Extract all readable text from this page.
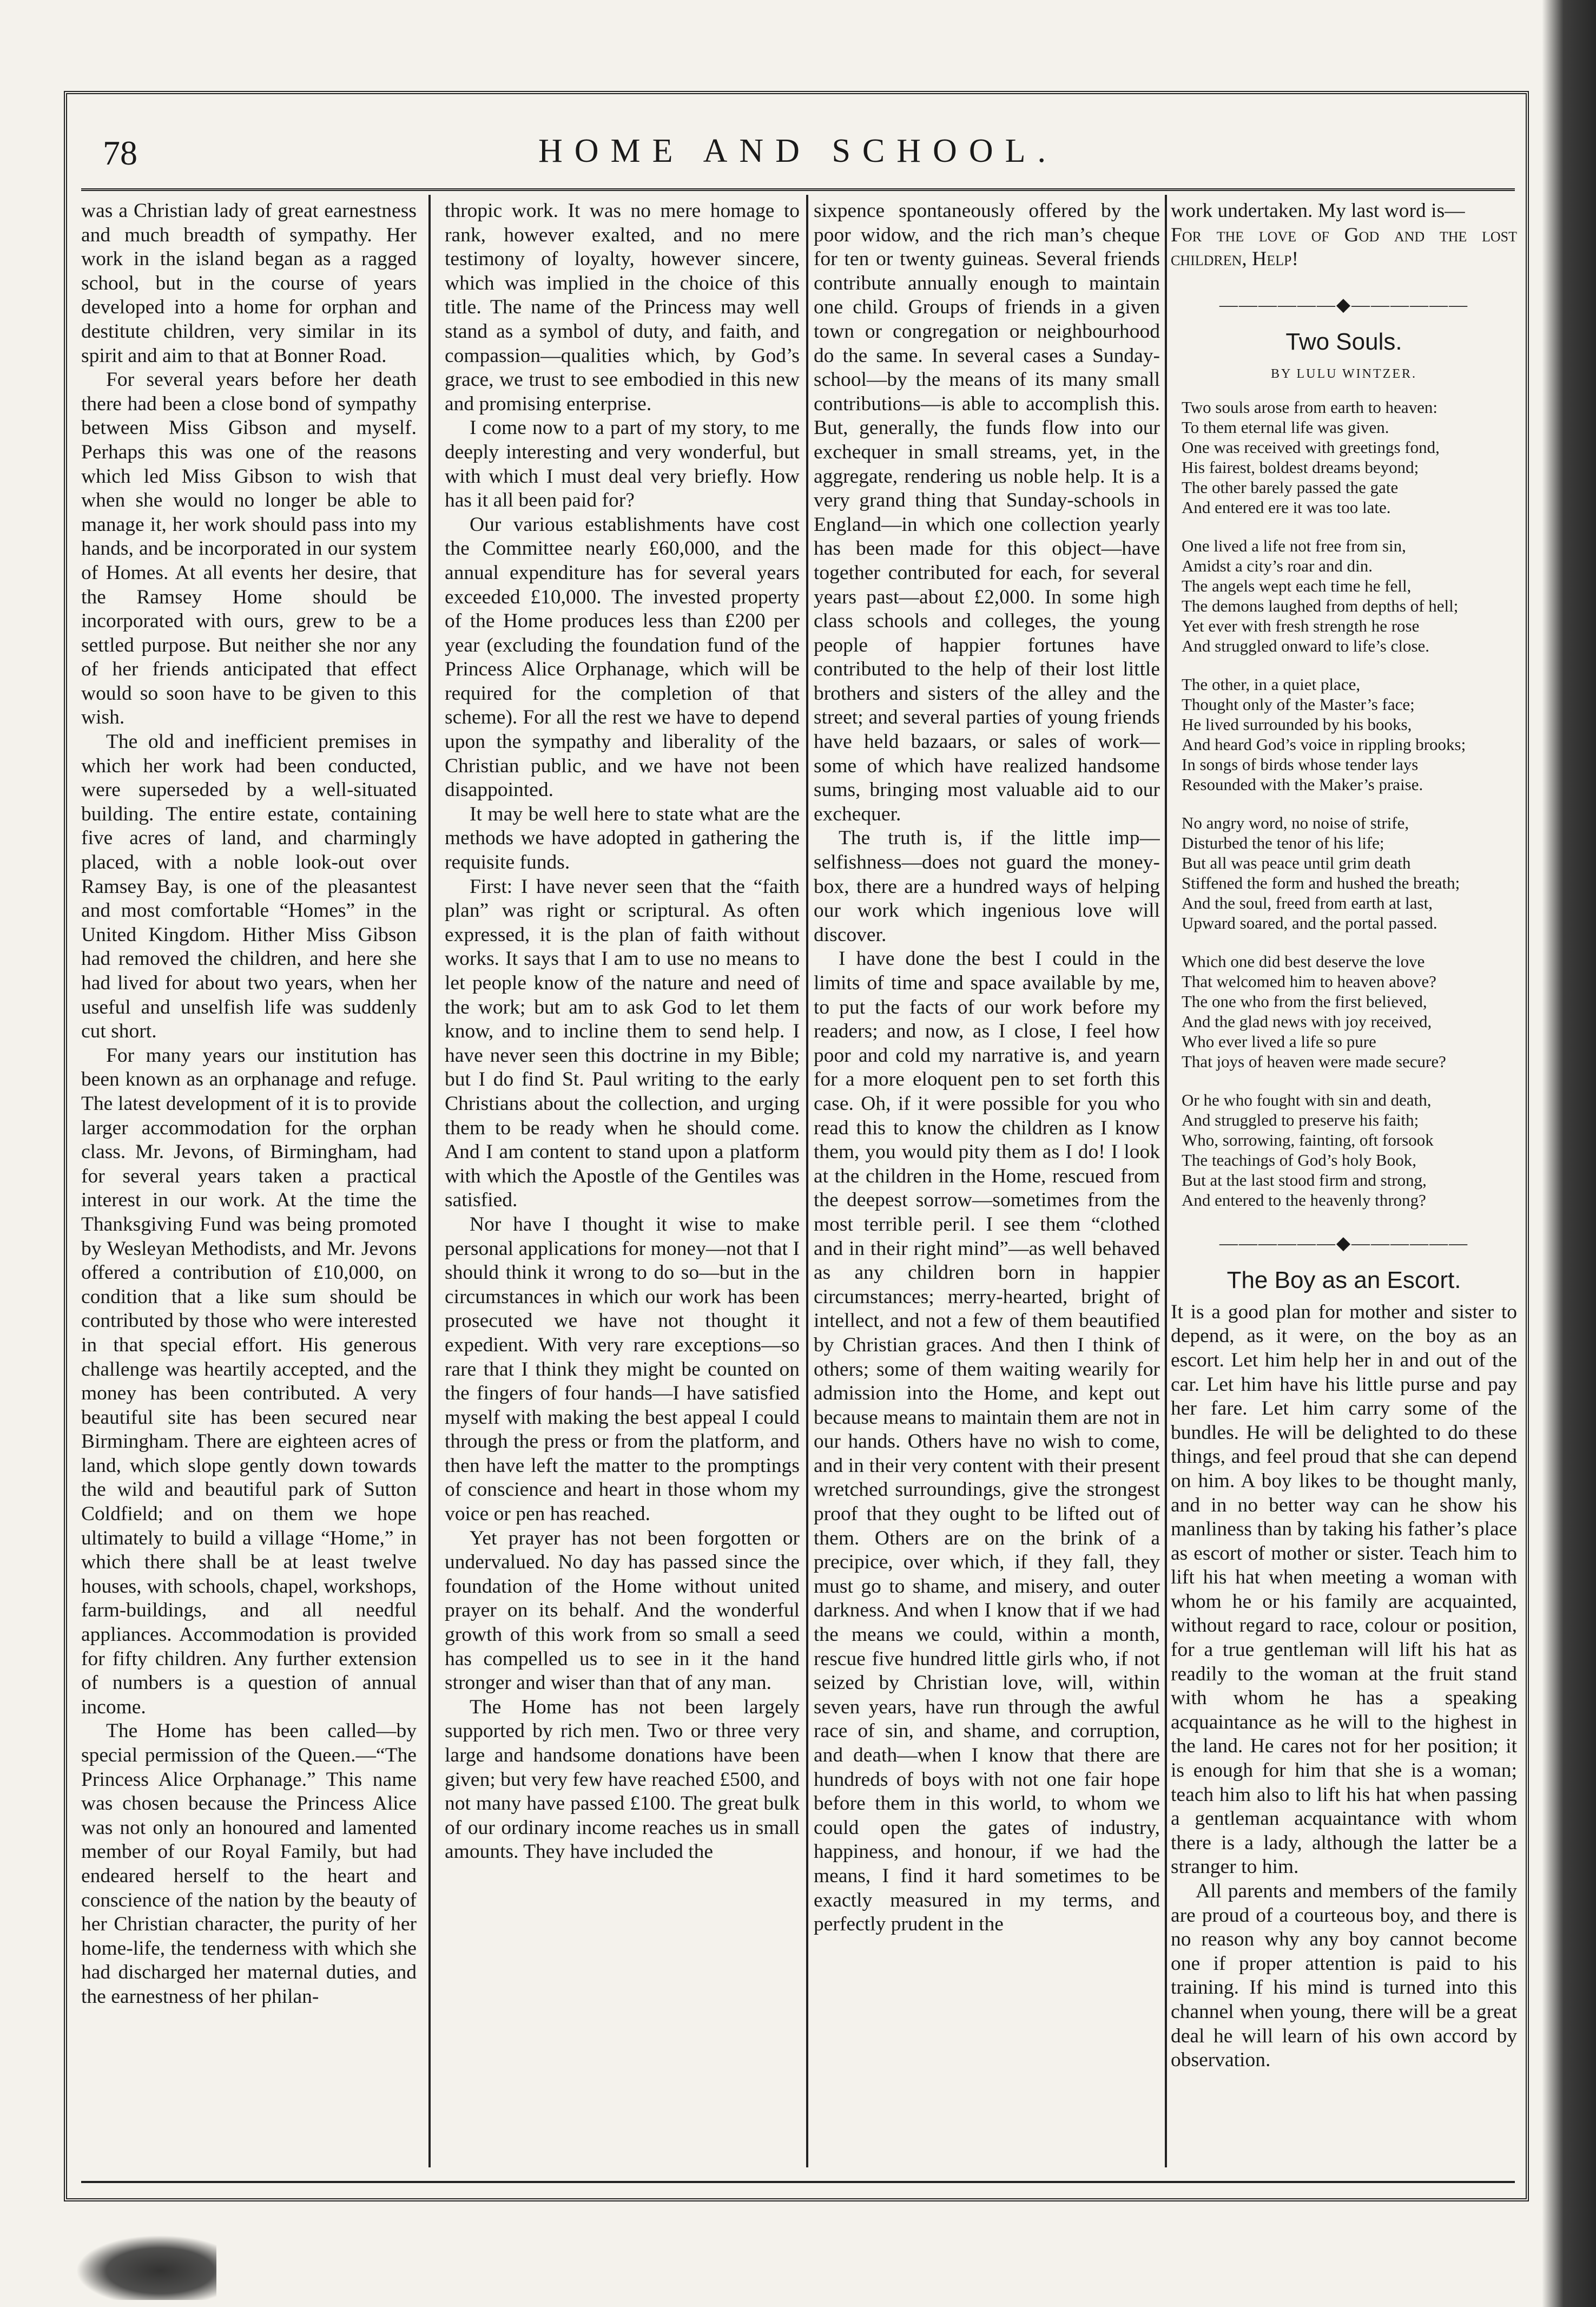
78	HOME AND SCHOOL.

was a Christian lady of great earnestness and much breadth of sympathy. Her work in the island began as a ragged school, but in the course of years developed into a home for orphan and destitute children, very similar in its spirit and aim to that at Bonner Road.

For several years before her death there had been a close bond of sympathy between Miss Gibson and myself. Perhaps this was one of the reasons which led Miss Gibson to wish that when she would no longer be able to manage it, her work should pass into my hands, and be incorporated in our system of Homes. At all events her desire, that the Ramsey Home should be incorporated with ours, grew to be a settled purpose. But neither she nor any of her friends anticipated that effect would so soon have to be given to this wish.

The old and inefficient premises in which her work had been conducted, were superseded by a well-situated building. The entire estate, containing five acres of land, and charmingly placed, with a noble look-out over Ramsey Bay, is one of the pleasantest and most comfortable “Homes” in the United Kingdom. Hither Miss Gibson had removed the children, and here she had lived for about two years, when her useful and unselfish life was suddenly cut short.

For many years our institution has been known as an orphanage and refuge. The latest development of it is to provide larger accommodation for the orphan class. Mr. Jevons, of Birmingham, had for several years taken a practical interest in our work. At the time the Thanksgiving Fund was being promoted by Wesleyan Methodists, and Mr. Jevons offered a contribution of £10,000, on condition that a like sum should be contributed by those who were interested in that special effort. His generous challenge was heartily accepted, and the money has been contributed. A very beautiful site has been secured near Birmingham. There are eighteen acres of land, which slope gently down towards the wild and beautiful park of Sutton Coldfield; and on them we hope ultimately to build a village “Home,” in which there shall be at least twelve houses, with schools, chapel, workshops, farm-buildings, and all needful appliances. Accommodation is provided for fifty children. Any further extension of numbers is a question of annual income.

The Home has been called—by special permission of the Queen.—“The Princess Alice Orphanage.” This name was chosen because the Princess Alice was not only an honoured and lamented member of our Royal Family, but had endeared herself to the heart and conscience of the nation by the beauty of her Christian character, the purity of her home-life, the tenderness with which she had discharged her maternal duties, and the earnestness of her philan-

thropic work. It was no mere homage to rank, however exalted, and no mere testimony of loyalty, however sincere, which was implied in the choice of this title. The name of the Princess may well stand as a symbol of duty, and faith, and compassion—qualities which, by God’s grace, we trust to see embodied in this new and promising enterprise.

I come now to a part of my story, to me deeply interesting and very wonderful, but with which I must deal very briefly. How has it all been paid for?

Our various establishments have cost the Committee nearly £60,000, and the annual expenditure has for several years exceeded £10,000. The invested property of the Home produces less than £200 per year (excluding the foundation fund of the Princess Alice Orphanage, which will be required for the completion of that scheme). For all the rest we have to depend upon the sympathy and liberality of the Christian public, and we have not been disappointed.

It may be well here to state what are the methods we have adopted in gathering the requisite funds.

First: I have never seen that the “faith plan” was right or scriptural. As often expressed, it is the plan of faith without works. It says that I am to use no means to let people know of the nature and need of the work; but am to ask God to let them know, and to incline them to send help. I have never seen this doctrine in my Bible; but I do find St. Paul writing to the early Christians about the collection, and urging them to be ready when he should come. And I am content to stand upon a platform with which the Apostle of the Gentiles was satisfied.

Nor have I thought it wise to make personal applications for money—not that I should think it wrong to do so—but in the circumstances in which our work has been prosecuted we have not thought it expedient. With very rare exceptions—so rare that I think they might be counted on the fingers of four hands—I have satisfied myself with making the best appeal I could through the press or from the platform, and then have left the matter to the promptings of conscience and heart in those whom my voice or pen has reached.

Yet prayer has not been forgotten or undervalued. No day has passed since the foundation of the Home without united prayer on its behalf. And the wonderful growth of this work from so small a seed has compelled us to see in it the hand stronger and wiser than that of any man.

The Home has not been largely supported by rich men. Two or three very large and handsome donations have been given; but very few have reached £500, and not many have passed £100. The great bulk of our ordinary income reaches us in small amounts. They have included the

sixpence spontaneously offered by the poor widow, and the rich man’s cheque for ten or twenty guineas. Several friends contribute annually enough to maintain one child. Groups of friends in a given town or congregation or neighbourhood do the same. In several cases a Sunday-school—by the means of its many small contributions—is able to accomplish this. But, generally, the funds flow into our exchequer in small streams, yet, in the aggregate, rendering us noble help. It is a very grand thing that Sunday-schools in England—in which one collection yearly has been made for this object—have together contributed for each, for several years past—about £2,000. In some high class schools and colleges, the young people of happier fortunes have contributed to the help of their lost little brothers and sisters of the alley and the street; and several parties of young friends have held bazaars, or sales of work—some of which have realized handsome sums, bringing most valuable aid to our exchequer.

The truth is, if the little imp—selfishness—does not guard the money-box, there are a hundred ways of helping our work which ingenious love will discover.

I have done the best I could in the limits of time and space available by me, to put the facts of our work before my readers; and now, as I close, I feel how poor and cold my narrative is, and yearn for a more eloquent pen to set forth this case. Oh, if it were possible for you who read this to know the children as I know them, you would pity them as I do! I look at the children in the Home, rescued from the deepest sorrow—sometimes from the most terrible peril. I see them “clothed and in their right mind”—as well behaved as any children born in happier circumstances; merry-hearted, bright of intellect, and not a few of them beautified by Christian graces. And then I think of others; some of them waiting wearily for admission into the Home, and kept out because means to maintain them are not in our hands. Others have no wish to come, and in their very content with their present wretched surroundings, give the strongest proof that they ought to be lifted out of them. Others are on the brink of a precipice, over which, if they fall, they must go to shame, and misery, and outer darkness. And when I know that if we had the means we could, within a month, rescue five hundred little girls who, if not seized by Christian love, will, within seven years, have run through the awful race of sin, and shame, and corruption, and death—when I know that there are hundreds of boys with not one fair hope before them in this world, to whom we could open the gates of industry, happiness, and honour, if we had the means, I find it hard sometimes to be exactly measured in my terms, and perfectly prudent in the

work undertaken. My last word is—

For the love of God and the lost children, Help!

——————◆——————
Two Souls.
BY LULU WINTZER.
Two souls arose from earth to heaven:
To them eternal life was given.
One was received with greetings fond,
His fairest, boldest dreams beyond;
The other barely passed the gate
And entered ere it was too late.
One lived a life not free from sin,
Amidst a city’s roar and din.
The angels wept each time he fell,
The demons laughed from depths of hell;
Yet ever with fresh strength he rose
And struggled onward to life’s close.
The other, in a quiet place,
Thought only of the Master’s face;
He lived surrounded by his books,
And heard God’s voice in rippling brooks;
In songs of birds whose tender lays
Resounded with the Maker’s praise.
No angry word, no noise of strife,
Disturbed the tenor of his life;
But all was peace until grim death
Stiffened the form and hushed the breath;
And the soul, freed from earth at last,
Upward soared, and the portal passed.
Which one did best deserve the love
That welcomed him to heaven above?
The one who from the first believed,
And the glad news with joy received,
Who ever lived a life so pure
That joys of heaven were made secure?
Or he who fought with sin and death,
And struggled to preserve his faith;
Who, sorrowing, fainting, oft forsook
The teachings of God’s holy Book,
But at the last stood firm and strong,
And entered to the heavenly throng?
——————◆——————
The Boy as an Escort.

It is a good plan for mother and sister to depend, as it were, on the boy as an escort. Let him help her in and out of the car. Let him have his little purse and pay her fare. Let him carry some of the bundles. He will be delighted to do these things, and feel proud that she can depend on him. A boy likes to be thought manly, and in no better way can he show his manliness than by taking his father’s place as escort of mother or sister. Teach him to lift his hat when meeting a woman with whom he or his family are acquainted, without regard to race, colour or position, for a true gentleman will lift his hat as readily to the woman at the fruit stand with whom he has a speaking acquaintance as he will to the highest in the land. He cares not for her position; it is enough for him that she is a woman; teach him also to lift his hat when passing a gentleman acquaintance with whom there is a lady, although the latter be a stranger to him.

All parents and members of the family are proud of a courteous boy, and there is no reason why any boy cannot become one if proper attention is paid to his training. If his mind is turned into this channel when young, there will be a great deal he will learn of his own accord by observation.
